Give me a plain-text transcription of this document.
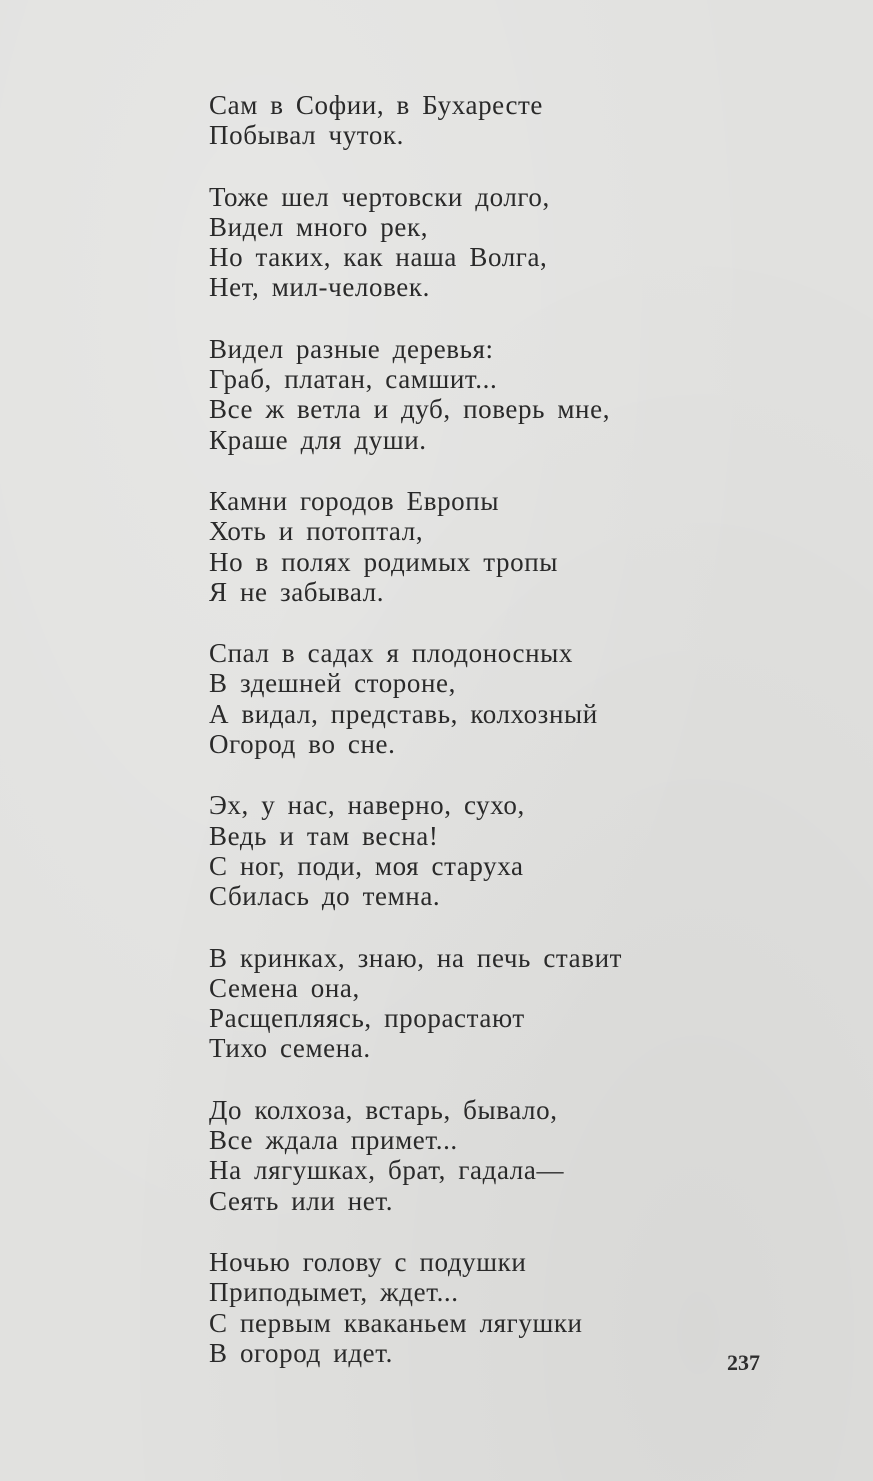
Сам в Софии, в Бухаресте
Побывал чуток.
Тоже шел чертовски долго,
Видел много рек,
Но таких, как наша Волга,
Нет, мил-человек.
Видел разные деревья:
Граб, платан, самшит...
Все ж ветла и дуб, поверь мне,
Краше для души.
Камни городов Европы
Хоть и потоптал,
Но в полях родимых тропы
Я не забывал.
Спал в садах я плодоносных
В здешней стороне,
А видал, представь, колхозный
Огород во сне.
Эх, у нас, наверно, сухо,
Ведь и там весна!
С ног, поди, моя старуха
Сбилась до темна.
В кринках, знаю, на печь ставит
Семена она,
Расщепляясь, прорастают
Тихо семена.
До колхоза, встарь, бывало,
Все ждала примет...
На лягушках, брат, гадала—
Сеять или нет.
Ночью голову с подушки
Приподымет, ждет...
С первым кваканьем лягушки
В огород идет.	237
